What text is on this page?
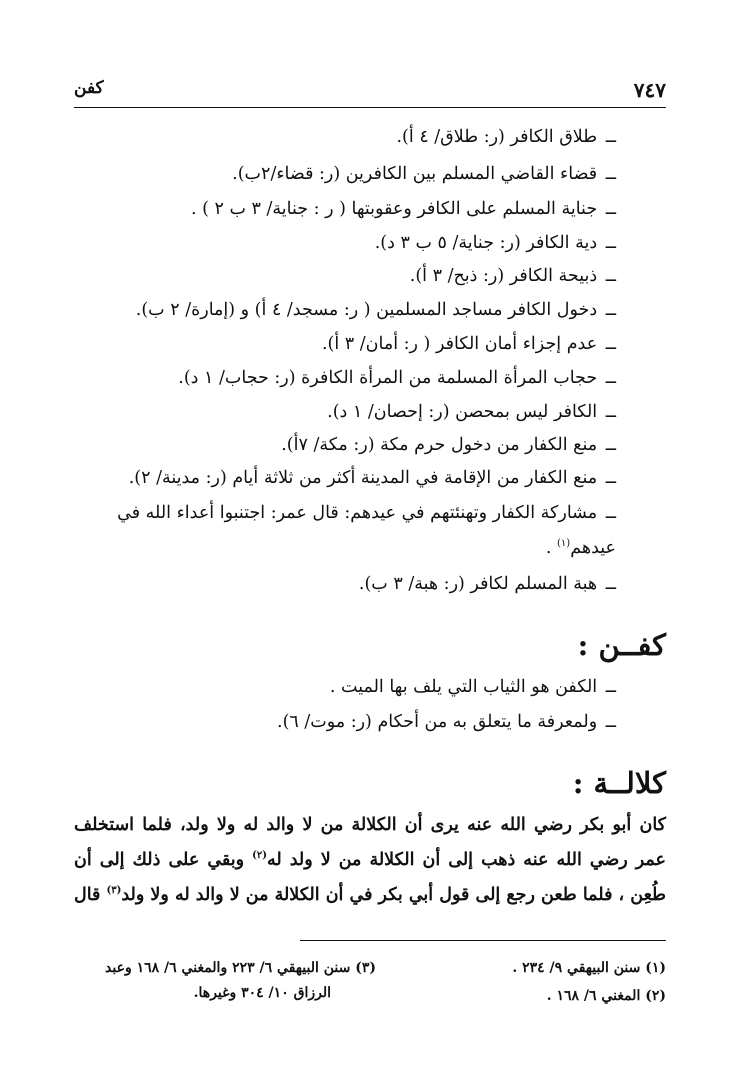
٧٤٧
كفن
ــ طلاق الكافر (ر: طلاق/ ٤ أ).
ــ قضاء القاضي المسلم بين الكافرين (ر: قضاء/٢ب).
ــ جناية المسلم على الكافر وعقوبتها ( ر : جناية/ ٣ ب ٢ ) .
ــ دية الكافر (ر: جناية/ ٥ ب ٣ د).
ــ ذبيحة الكافر (ر: ذبح/ ٣ أ).
ــ دخول الكافر مساجد المسلمين ( ر: مسجد/ ٤ أ) و (إمارة/ ٢ ب).
ــ عدم إجزاء أمان الكافر ( ر: أمان/ ٣ أ).
ــ حجاب المرأة المسلمة من المرأة الكافرة (ر: حجاب/ ١ د).
ــ الكافر ليس بمحصن (ر: إحصان/ ١ د).
ــ منع الكفار من دخول حرم مكة (ر: مكة/ ٧أ).
ــ منع الكفار من الإقامة في المدينة أكثر من ثلاثة أيام (ر: مدينة/ ٢).
ــ مشاركة الكفار وتهنئتهم في عيدهم: قال عمر: اجتنبوا أعداء الله في
عيدهم$^{(١)}$ .
ــ هبة المسلم لكافر (ر: هبة/ ٣ ب).
كفــن :
ــ الكفن هو الثياب التي يلف بها الميت .
ــ ولمعرفة ما يتعلق به من أحكام (ر: موت/ ٦).
كلالــة :
كان أبو بكر رضي الله عنه يرى أن الكلالة من لا والد له ولا ولد، فلما استخلف
عمر رضي الله عنه ذهب إلى أن الكلالة من لا ولد له$^{(٢)}$ وبقي على ذلك إلى أن
طُعِن ، فلما طعن رجع إلى قول أبي بكر في أن الكلالة من لا والد له ولا ولد$^{(٣)}$ قال
(١) سنن البيهقي ٩/ ٢٣٤ .
(٢) المغني ٦/ ١٦٨ .
(٣) سنن البيهقي ٦/ ٢٢٣ والمغني ٦/ ١٦٨ وعبد
الرزاق ١٠/ ٣٠٤ وغيرها.
